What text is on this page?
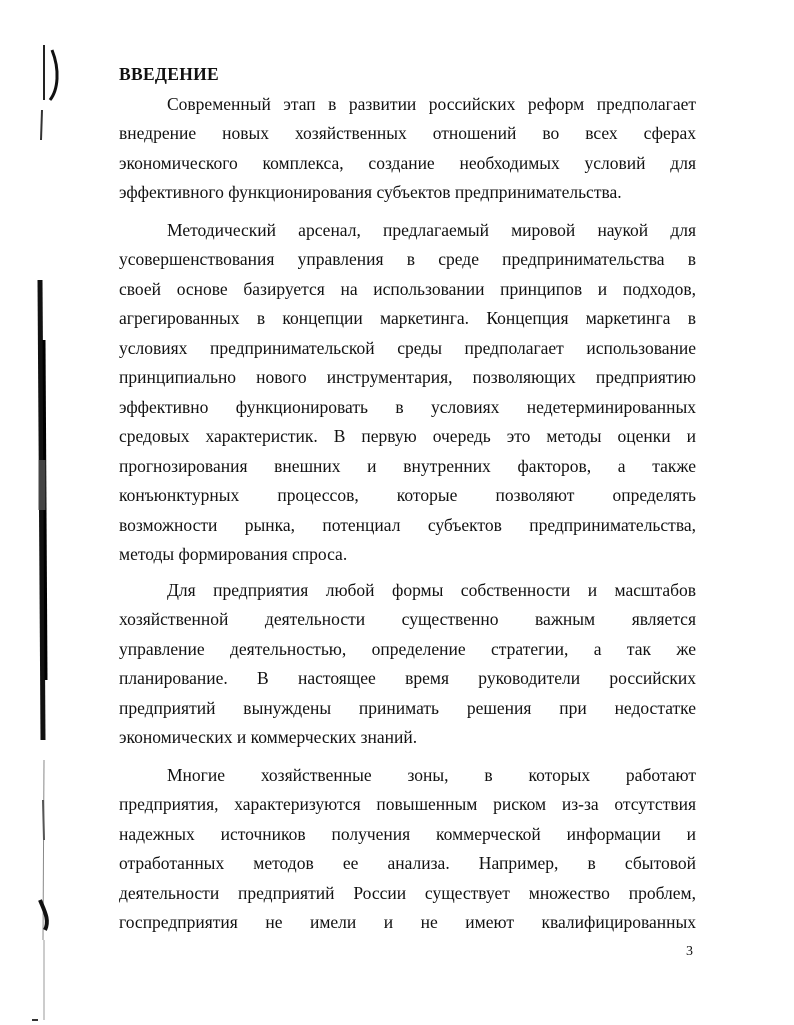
ВВЕДЕНИЕ

Современный этап в развитии российских реформ предполагает
внедрение новых хозяйственных отношений во всех сферах
экономического комплекса, создание необходимых условий для
эффективного функционирования субъектов предпринимательства.

Методический арсенал, предлагаемый мировой наукой для
усовершенствования управления в среде предпринимательства в
своей основе базируется на использовании принципов и подходов,
агрегированных в концепции маркетинга. Концепция маркетинга в
условиях предпринимательской среды предполагает использование
принципиально нового инструментария, позволяющих предприятию
эффективно функционировать в условиях недетерминированных
средовых характеристик. В первую очередь это методы оценки и
прогнозирования внешних и внутренних факторов, а также
конъюнктурных процессов, которые позволяют определять
возможности рынка, потенциал субъектов предпринимательства,
методы формирования спроса.

Для предприятия любой формы собственности и масштабов
хозяйственной деятельности существенно важным является
управление деятельностью, определение стратегии, а так же
планирование. В настоящее время руководители российских
предприятий вынуждены принимать решения при недостатке
экономических и коммерческих знаний.

Многие хозяйственные зоны, в которых работают
предприятия, характеризуются повышенным риском из-за отсутствия
надежных источников получения коммерческой информации и
отработанных методов ее анализа. Например, в сбытовой
деятельности предприятий России существует множество проблем,
госпредприятия не имели и не имеют квалифицированных

3
